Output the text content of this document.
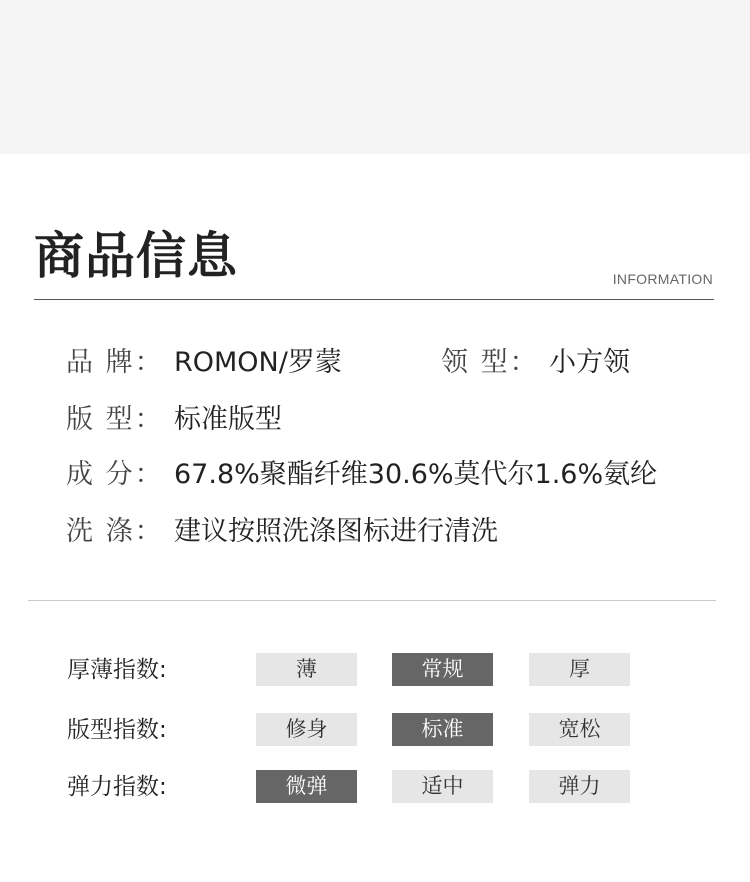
商品信息	INFORMATION
品 牌： ROMON/罗蒙	领 型： 小方领
版 型： 标准版型
成 分： 67.8%聚酯纤维30.6%莫代尔1.6%氨纶
洗 涤： 建议按照洗涤图标进行清洗
厚薄指数:	薄	常规	厚
版型指数:	修身	标准	宽松
弹力指数:	微弹	适中	弹力
